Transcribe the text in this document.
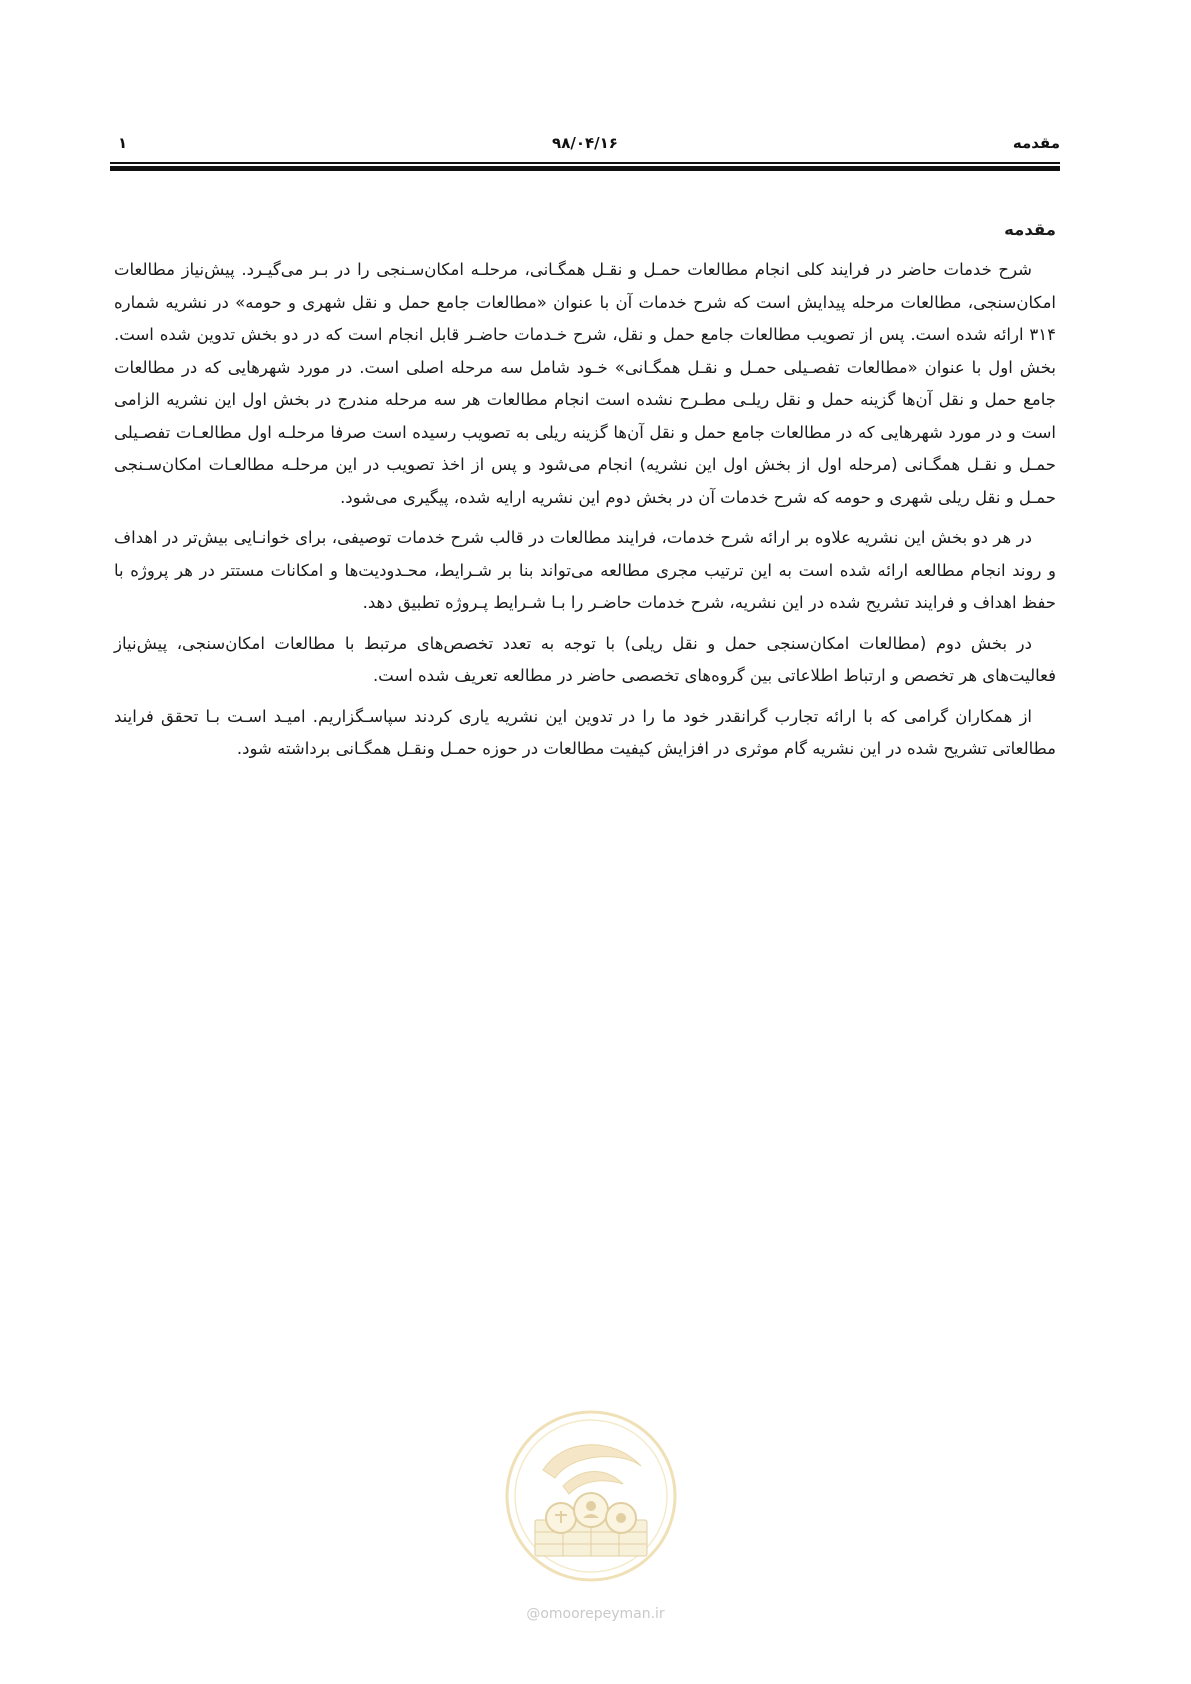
مقدمه
۹۸/۰۴/۱۶
۱
مقدمه

شرح خدمات حاضر در فرایند کلی انجام مطالعات حمـل و نقـل همگـانی، مرحلـه امکان‌سـنجی را در بـر می‌گیـرد. پیش‌نیاز مطالعات امکان‌سنجی، مطالعات مرحله پیدایش است که شرح خدمات آن با عنوان «مطالعات جامع حمل و نقل شهری و حومه» در نشریه شماره ۳۱۴ ارائه شده است. پس از تصویب مطالعات جامع حمل و نقل، شرح خـدمات حاضـر قابل انجام است که در دو بخش تدوین شده است. بخش اول با عنوان «مطالعات تفصـیلی حمـل و نقـل همگـانی» خـود شامل سه مرحله اصلی است. در مورد شهرهایی که در مطالعات جامع حمل و نقل آن‌ها گزینه حمل و نقل ریلـی مطـرح نشده است انجام مطالعات هر سه مرحله مندرج در بخش اول این نشریه الزامی است و در مورد شهرهایی که در مطالعات جامع حمل و نقل آن‌ها گزینه ریلی به تصویب رسیده است صرفا مرحلـه اول مطالعـات تفصـیلی حمـل و نقـل همگـانی (مرحله اول از بخش اول این نشریه) انجام می‌شود و پس از اخذ تصویب در این مرحلـه مطالعـات امکان‌سـنجی حمـل و نقل ریلی شهری و حومه که شرح خدمات آن در بخش دوم این نشریه ارایه شده، پیگیری می‌شود.

در هر دو بخش این نشریه علاوه بر ارائه شرح خدمات، فرایند مطالعات در قالب شرح خدمات توصیفی، برای خوانـایی بیش‌تر در اهداف و روند انجام مطالعه ارائه شده است به این ترتیب مجری مطالعه می‌تواند بنا بر شـرایط، محـدودیت‌ها و امکانات مستتر در هر پروژه با حفظ اهداف و فرایند تشریح شده در این نشریه، شرح خدمات حاضـر را بـا شـرایط پـروژه تطبیق دهد.

در بخش دوم (مطالعات امکان‌سنجی حمل و نقل ریلی) با توجه به تعدد تخصص‌های مرتبط با مطالعات امکان‌سنجی، پیش‌نیاز فعالیت‌های هر تخصص و ارتباط اطلاعاتی بین گروه‌های تخصصی حاضر در مطالعه تعریف شده است.

از همکاران گرامی که با ارائه تجارب گرانقدر خود ما را در تدوین این نشریه یاری کردند سپاسـگزاریم. امیـد اسـت بـا تحقق فرایند مطالعاتی تشریح شده در این نشریه گام موثری در افزایش کیفیت مطالعات در حوزه حمـل ونقـل همگـانی برداشته شود.

@omoorepeyman.ir
